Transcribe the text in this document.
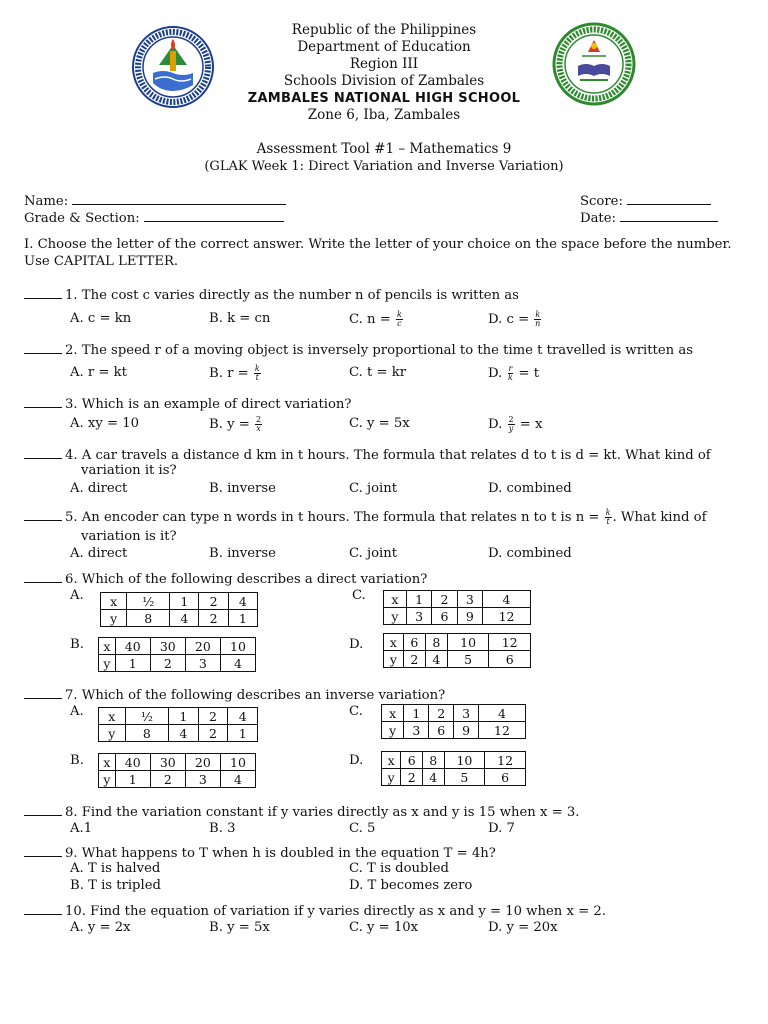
Republic of the Philippines
Department of Education
Region III
Schools Division of Zambales
ZAMBALES NATIONAL HIGH SCHOOL
Zone 6, Iba, Zambales
Assessment Tool #1 – Mathematics 9
(GLAK Week 1: Direct Variation and Inverse Variation)
Name:	Score:
Grade & Section:	Date:
I. Choose the letter of the correct answer. Write the letter of your choice on the space before the number.
Use CAPITAL LETTER.
1. The cost c varies directly as the number n of pencils is written as
A. c = kn	B. k = cn	C. $n = \frac{k}{c}$	D. $c = \frac{k}{n}$
2. The speed r of a moving object is inversely proportional to the time t travelled is written as
A. r = kt	B. $r = \frac{k}{t}$	C. t = kr	D. $\frac{r}{k} = t$
3. Which is an example of direct variation?
A. xy = 10	B. $y = \frac{2}{x}$	C. y = 5x	D. $\frac{2}{y} = x$
4. A car travels a distance d km in t hours. The formula that relates d to t is d = kt. What kind of
variation it is?
A. direct	B. inverse	C. joint	D. combined
5. An encoder can type n words in t hours. The formula that relates n to t is $n = \frac{k}{t}$ . What kind of
variation is it?
A. direct	B. inverse	C. joint	D. combined
6. Which of the following describes a direct variation?
A.	C.
B.	D.
x	½	1	2	4
y	8	4	2	1
x	1	2	3	4
y	3	6	9	12
x	40	30	20	10
y	1	2	3	4
x	6	8	10	12
y	2	4	5	6
7. Which of the following describes an inverse variation?
A.	C.
B.	D.
x	½	1	2	4
y	8	4	2	1
x	1	2	3	4
y	3	6	9	12
x	40	30	20	10
y	1	2	3	4
x	6	8	10	12
y	2	4	5	6
8. Find the variation constant if y varies directly as x and y is 15 when x = 3.
A.1	B. 3	C. 5	D. 7
9. What happens to T when h is doubled in the equation T = 4h?
A. T is halved	C. T is doubled
B. T is tripled	D. T becomes zero
10. Find the equation of variation if y varies directly as x and y = 10 when x = 2.
A. y = 2x	B. y = 5x	C. y = 10x	D. y = 20x
